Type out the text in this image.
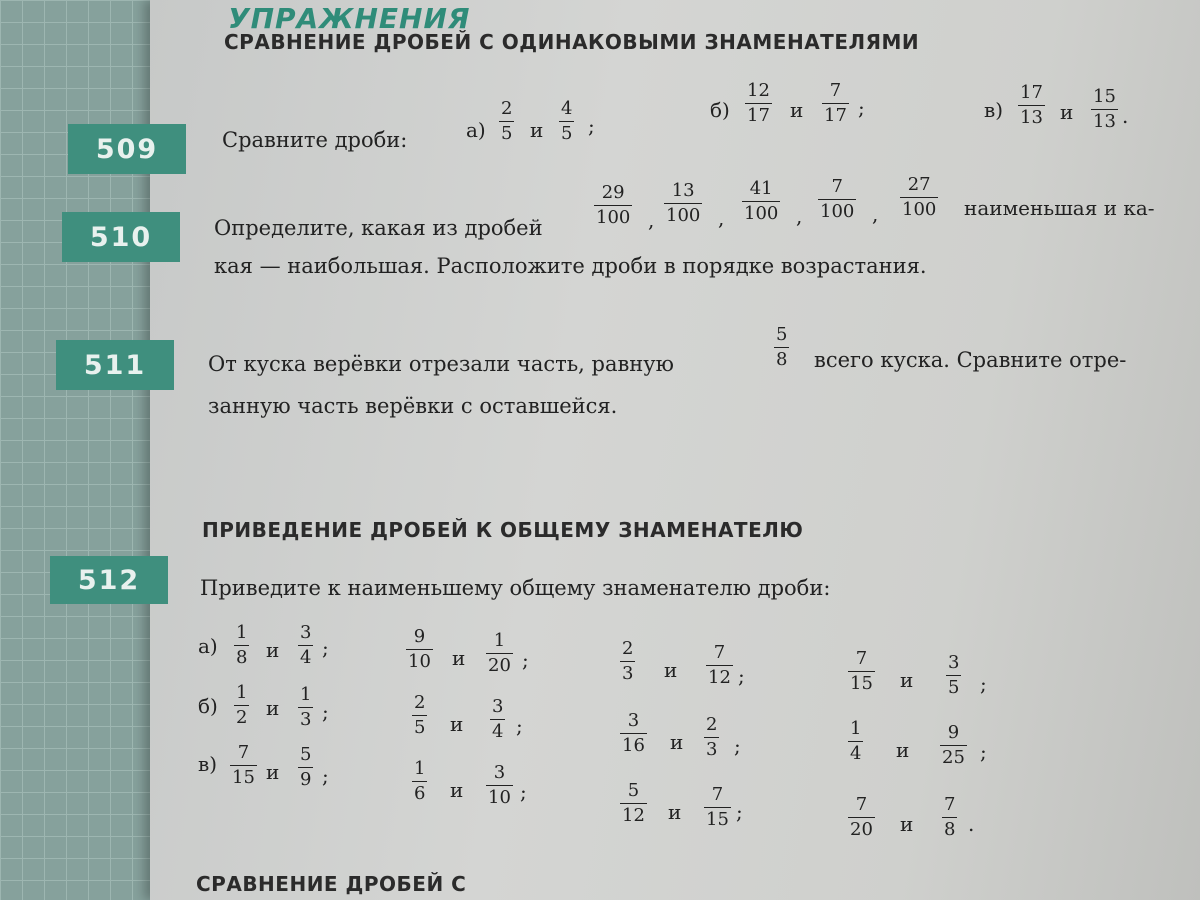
УПРАЖНЕНИЯ
СРАВНЕНИЕ ДРОБЕЙ С ОДИНАКОВЫМИ ЗНАМЕНАТЕЛЯМИ
509	Сравните дроби:	$а) \frac{2}{5}$ и $\frac{4}{5}$ ;
$б) \frac{12}{17}$ и $\frac{7}{17}$ ;	$в) \frac{17}{13}$ и $\frac{15}{13}$ .
510	Определите, какая из дробей
$\frac{29}{100}$ , $\frac{13}{100}$ , $\frac{41}{100}$ , $\frac{7}{100}$ , $\frac{27}{100}$ наименьшая и ка-
кая — наибольшая. Расположите дроби в порядке возрастания.
511	От куска верёвки отрезали часть, равную	$\frac{5}{8}$ всего куска. Сравните отре-
занную часть верёвки с оставшейся.
ПРИВЕДЕНИЕ ДРОБЕЙ К ОБЩЕМУ ЗНАМЕНАТЕЛЮ
512	Приведите к наименьшему общему знаменателю дроби:
а)
б)
в)
$\frac{1}{8}$ и $\frac{3}{4}$ ;	$\frac{9}{10}$ и $\frac{1}{20}$ ;	$\frac{2}{3}$ и $\frac{7}{12}$ ;	$\frac{7}{15}$ и $\frac{3}{5}$ ;
$\frac{1}{2}$ и $\frac{1}{3}$ ;	$\frac{2}{5}$ и $\frac{3}{4}$ ;	$\frac{3}{16}$ и $\frac{2}{3}$ ;	$\frac{1}{4}$ и $\frac{9}{25}$ ;
$\frac{7}{15}$ и $\frac{5}{9}$ ;	$\frac{1}{6}$ и $\frac{3}{10}$ ;	$\frac{5}{12}$ и $\frac{7}{15}$ ;	$\frac{7}{20}$ и $\frac{7}{8}$ .
СРАВНЕНИЕ ДРОБЕЙ С
